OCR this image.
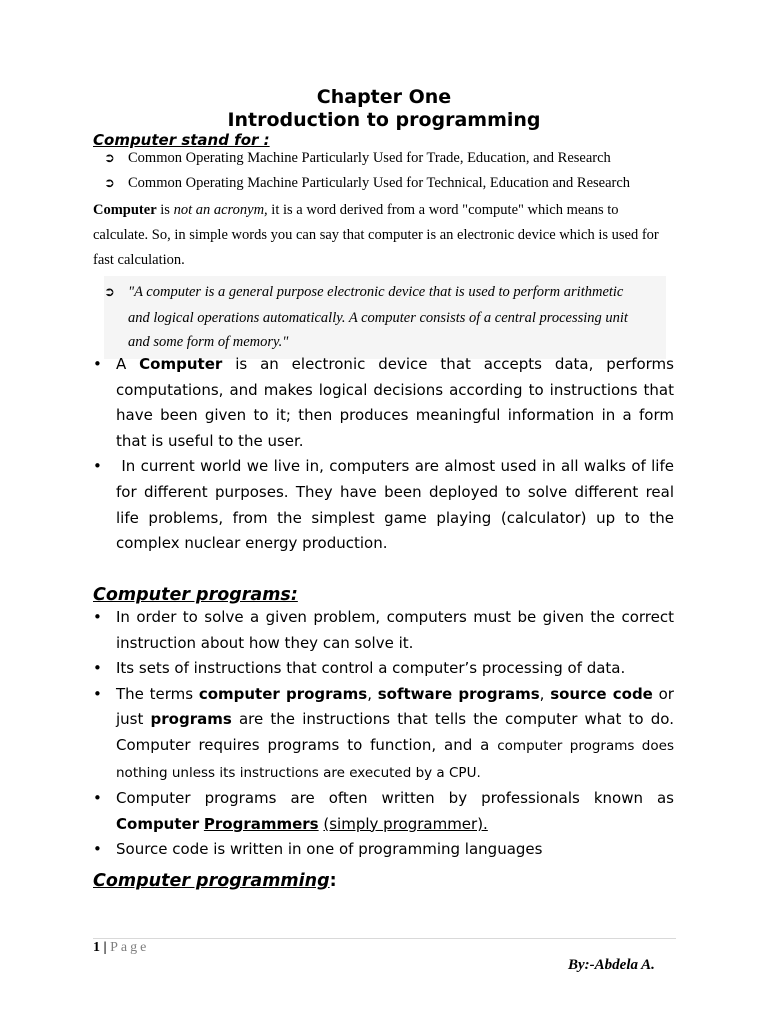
Chapter One
Introduction to programming
Computer stand for :
➲ Common Operating Machine Particularly Used for Trade, Education, and Research
➲ Common Operating Machine Particularly Used for Technical, Education and Research
Computer is not an acronym, it is a word derived from a word "compute" which means to calculate. So, in simple words you can say that computer is an electronic device which is used for fast calculation.
➲ "A computer is a general purpose electronic device that is used to perform arithmetic
and logical operations automatically. A computer consists of a central processing unit
and some form of memory."
• A Computer is an electronic device that accepts data, performs computations, and makes logical decisions according to instructions that have been given to it; then produces meaningful information in a form that is useful to the user.
• In current world we live in, computers are almost used in all walks of life for different purposes. They have been deployed to solve different real life problems, from the simplest game playing (calculator) up to the complex nuclear energy production.
Computer programs:
• In order to solve a given problem, computers must be given the correct instruction about how they can solve it.
• Its sets of instructions that control a computer’s processing of data.
• The terms computer programs, software programs, source code or just programs are the instructions that tells the computer what to do. Computer requires programs to function, and a computer programs does nothing unless its instructions are executed by a CPU.
• Computer programs are often written by professionals known as Computer Programmers (simply programmer).
• Source code is written in one of programming languages
Computer programming:
1 | Page
By:-Abdela A.
